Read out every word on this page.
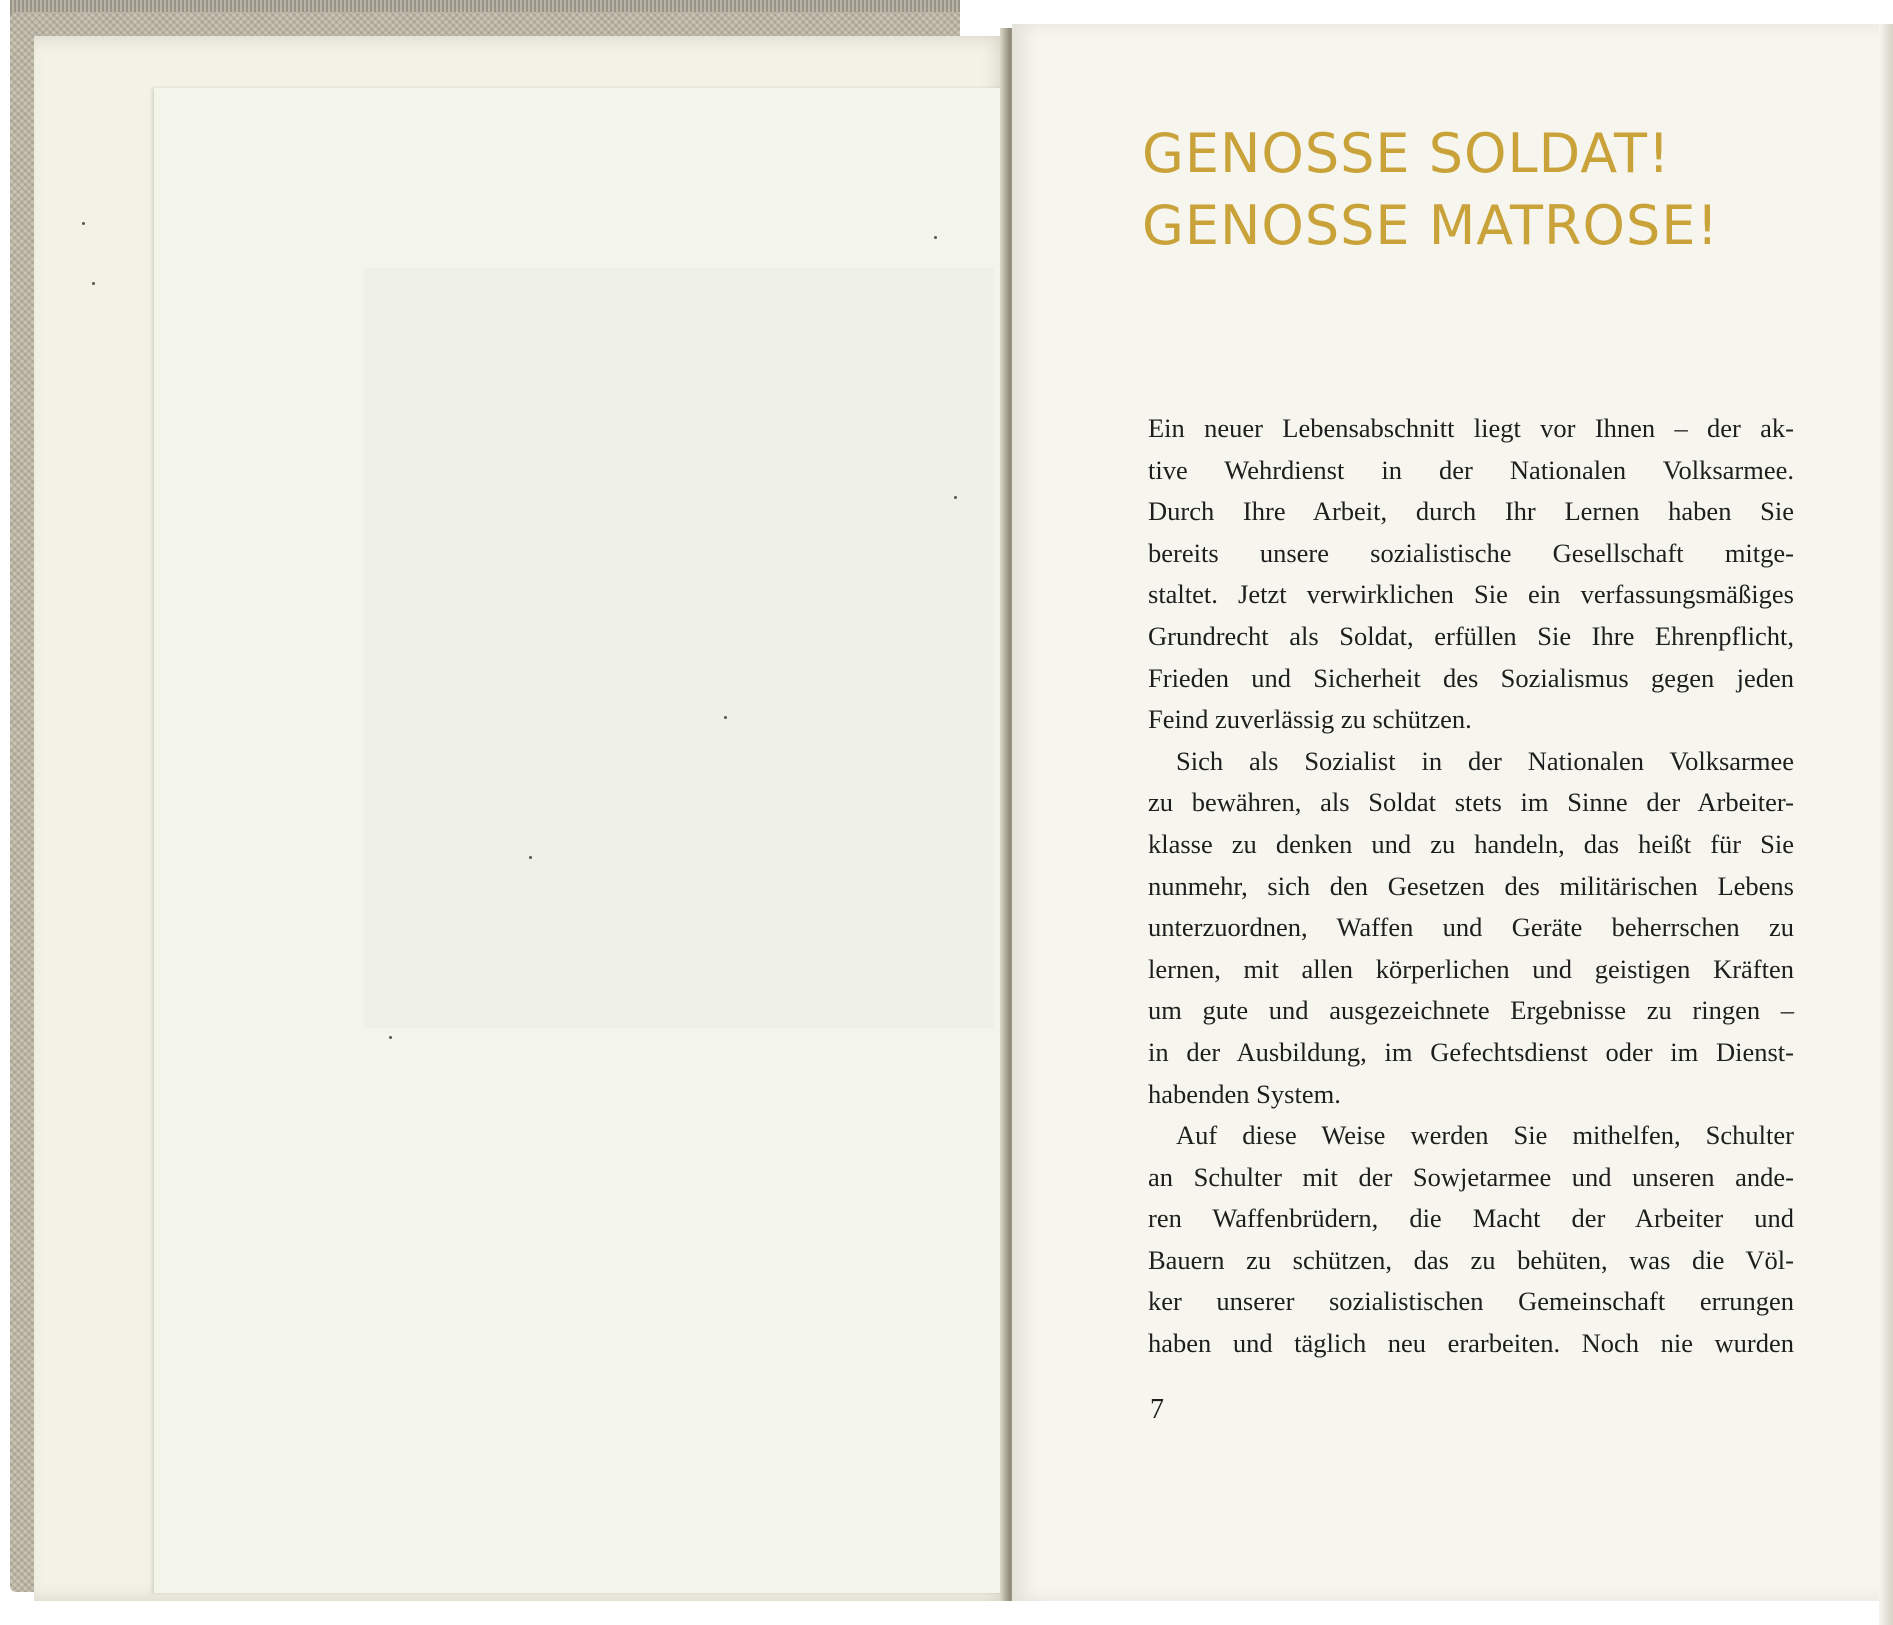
GENOSSE SOLDAT!
GENOSSE MATROSE!

Ein neuer Lebensabschnitt liegt vor Ihnen – der ak-
tive Wehrdienst in der Nationalen Volksarmee.
Durch Ihre Arbeit, durch Ihr Lernen haben Sie
bereits unsere sozialistische Gesellschaft mitge-
staltet. Jetzt verwirklichen Sie ein verfassungsmäßiges
Grundrecht als Soldat, erfüllen Sie Ihre Ehrenpflicht,
Frieden und Sicherheit des Sozialismus gegen jeden
Feind zuverlässig zu schützen.

Sich als Sozialist in der Nationalen Volksarmee
zu bewähren, als Soldat stets im Sinne der Arbeiter-
klasse zu denken und zu handeln, das heißt für Sie
nunmehr, sich den Gesetzen des militärischen Lebens
unterzuordnen, Waffen und Geräte beherrschen zu
lernen, mit allen körperlichen und geistigen Kräften
um gute und ausgezeichnete Ergebnisse zu ringen –
in der Ausbildung, im Gefechtsdienst oder im Dienst-
habenden System.

Auf diese Weise werden Sie mithelfen, Schulter
an Schulter mit der Sowjetarmee und unseren ande-
ren Waffenbrüdern, die Macht der Arbeiter und
Bauern zu schützen, das zu behüten, was die Völ-
ker unserer sozialistischen Gemeinschaft errungen
haben und täglich neu erarbeiten. Noch nie wurden

7
